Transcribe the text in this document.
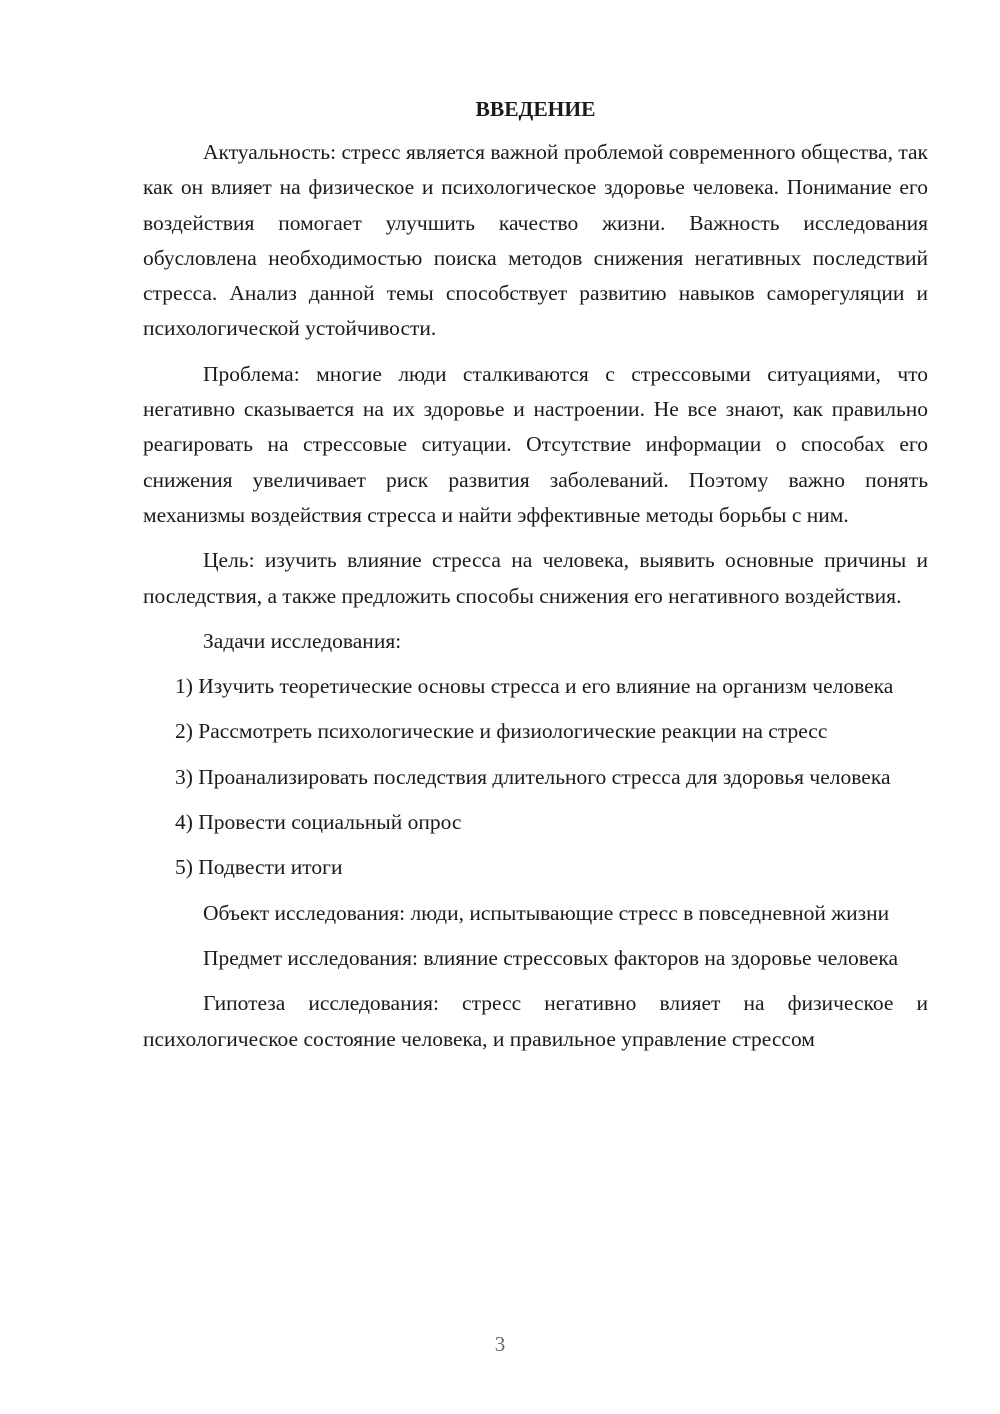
ВВЕДЕНИЕ

Актуальность: стресс является важной проблемой современного общества, так как он влияет на физическое и психологическое здоровье человека. Понимание его воздействия помогает улучшить качество жизни. Важность исследования обусловлена необходимостью поиска методов снижения негативных последствий стресса. Анализ данной темы способствует развитию навыков саморегуляции и психологической устойчивости.

Проблема: многие люди сталкиваются с стрессовыми ситуациями, что негативно сказывается на их здоровье и настроении. Не все знают, как правильно реагировать на стрессовые ситуации. Отсутствие информации о способах его снижения увеличивает риск развития заболеваний. Поэтому важно понять механизмы воздействия стресса и найти эффективные методы борьбы с ним.

Цель: изучить влияние стресса на человека, выявить основные причины и последствия, а также предложить способы снижения его негативного воздействия.

Задачи исследования:

1) Изучить теоретические основы стресса и его влияние на организм человека

2) Рассмотреть психологические и физиологические реакции на стресс

3) Проанализировать последствия длительного стресса для здоровья человека

4) Провести социальный опрос

5) Подвести итоги

Объект исследования: люди, испытывающие стресс в повседневной жизни

Предмет исследования: влияние стрессовых факторов на здоровье человека

Гипотеза исследования: стресс негативно влияет на физическое и психологическое состояние человека, и правильное управление стрессом

3
